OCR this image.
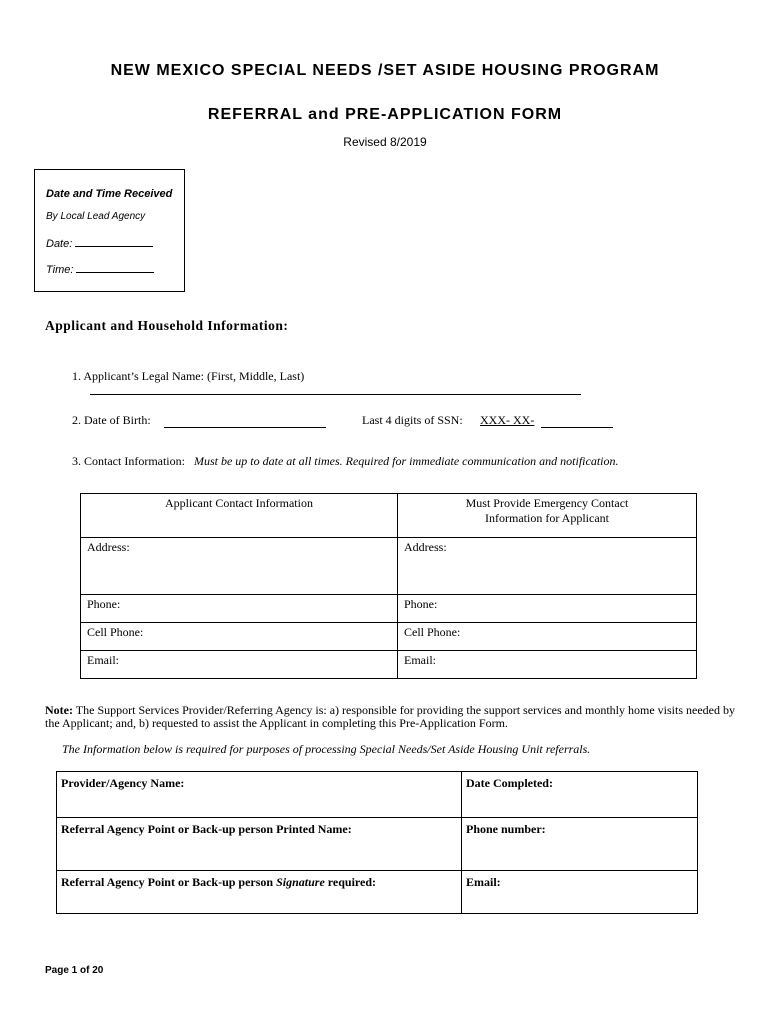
NEW MEXICO SPECIAL NEEDS /SET ASIDE HOUSING PROGRAM
REFERRAL and PRE-APPLICATION FORM
Revised 8/2019
Date and Time Received
By Local Lead Agency
Date:
Time:
Applicant and Household Information:
1. Applicant’s Legal Name: (First, Middle, Last)
2. Date of Birth:	Last 4 digits of SSN: XXX- XX-
3. Contact Information: Must be up to date at all times. Required for immediate communication and notification.
Applicant Contact Information	Must Provide Emergency Contact
Information for Applicant
Address:	Address:
Phone:	Phone:
Cell Phone:	Cell Phone:
Email:	Email:
Note: The Support Services Provider/Referring Agency is: a) responsible for providing the support services and monthly home visits needed by the Applicant; and, b) requested to assist the Applicant in completing this Pre-Application Form.
The Information below is required for purposes of processing Special Needs/Set Aside Housing Unit referrals.
Provider/Agency Name:	Date Completed:
Referral Agency Point or Back-up person Printed Name:	Phone number:
Referral Agency Point or Back-up person Signature required:	Email:
Page 1 of 20
